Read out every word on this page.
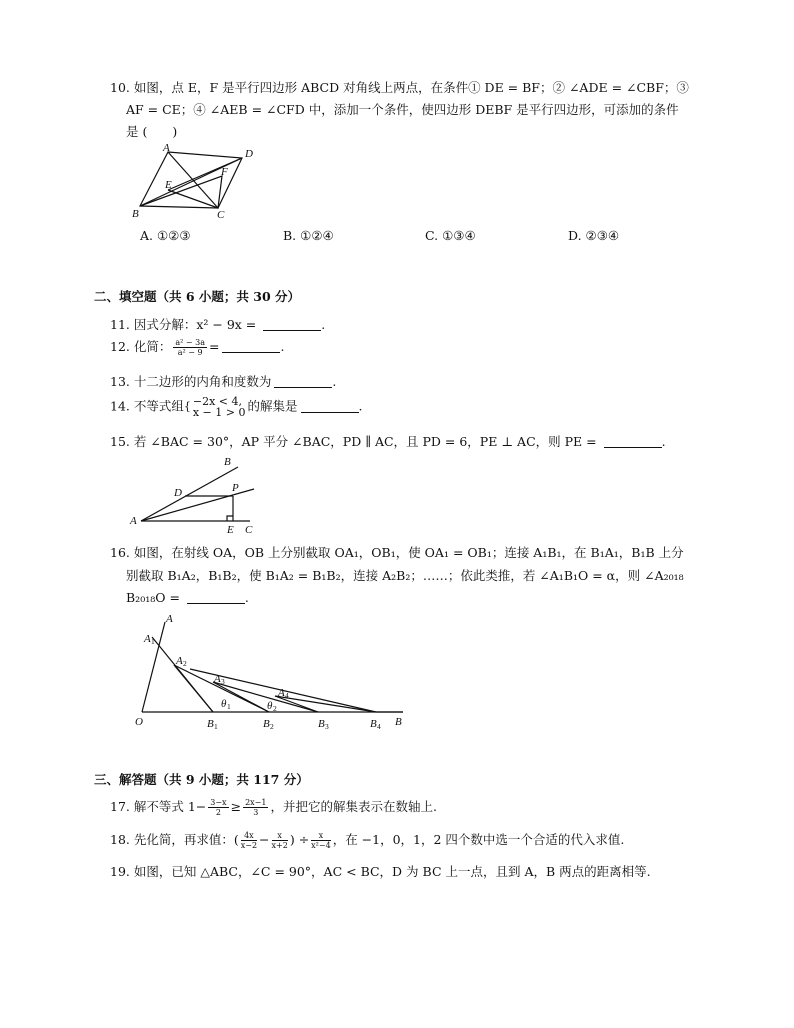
10. 如图，点 E，F 是平行四边形 ABCD 对角线上两点，在条件① DE = BF；② ∠ADE = ∠CBF；③
AF = CE；④ ∠AEB = ∠CFD 中，添加一个条件，使四边形 DEBF 是平行四边形，可添加的条件
是 (　　)
A	D
B	C
E
F
A. ①②③	B. ①②④	C. ①③④	D. ②③④
二、填空题（共 6 小题；共 30 分）
11. 因式分解：x² − 9x =	.
12. 化简： $\frac{\text{a² − 3a}}{\text{a² − 9}}$ =	.
13. 十二边形的内角和度数为	.
14. 不等式组{ −2x < 4,
x − 1 > 0 的解集是	.
15. 若 ∠BAC = 30°，AP 平分 ∠BAC，PD ∥ AC，且 PD = 6，PE ⊥ AC，则 PE =	.
B
D	P
A
E C
16. 如图，在射线 OA，OB 上分别截取 OA₁，OB₁，使 OA₁ = OB₁；连接 A₁B₁，在 B₁A₁，B₁B 上分
别截取 B₁A₂，B₁B₂，使 B₁A₂ = B₁B₂，连接 A₂B₂；……；依此类推，若 ∠A₁B₁O = α，则 ∠A₂₀₁₈
B₂₀₁₈O =	.
A
A 1
A 2
A 3
A 4
θ 1	θ 2
O	B 1	B 2	B 3	B 4 B
三、解答题（共 9 小题；共 117 分）
17. 解不等式 $1- \frac{3-x}{2} \ge \frac{2x-1}{3}$ ，并把它的解集表示在数轴上.
18. 先化简，再求值：( $\frac{4x}{x-2} - \frac{x}{x+2}$ ) ÷ $\frac{x}{\text{x²−4}}$ ，在 −1，0，1，2 四个数中选一个合适的代入求值.
19. 如图，已知 △ABC，∠C = 90°，AC < BC，D 为 BC 上一点，且到 A，B 两点的距离相等.
